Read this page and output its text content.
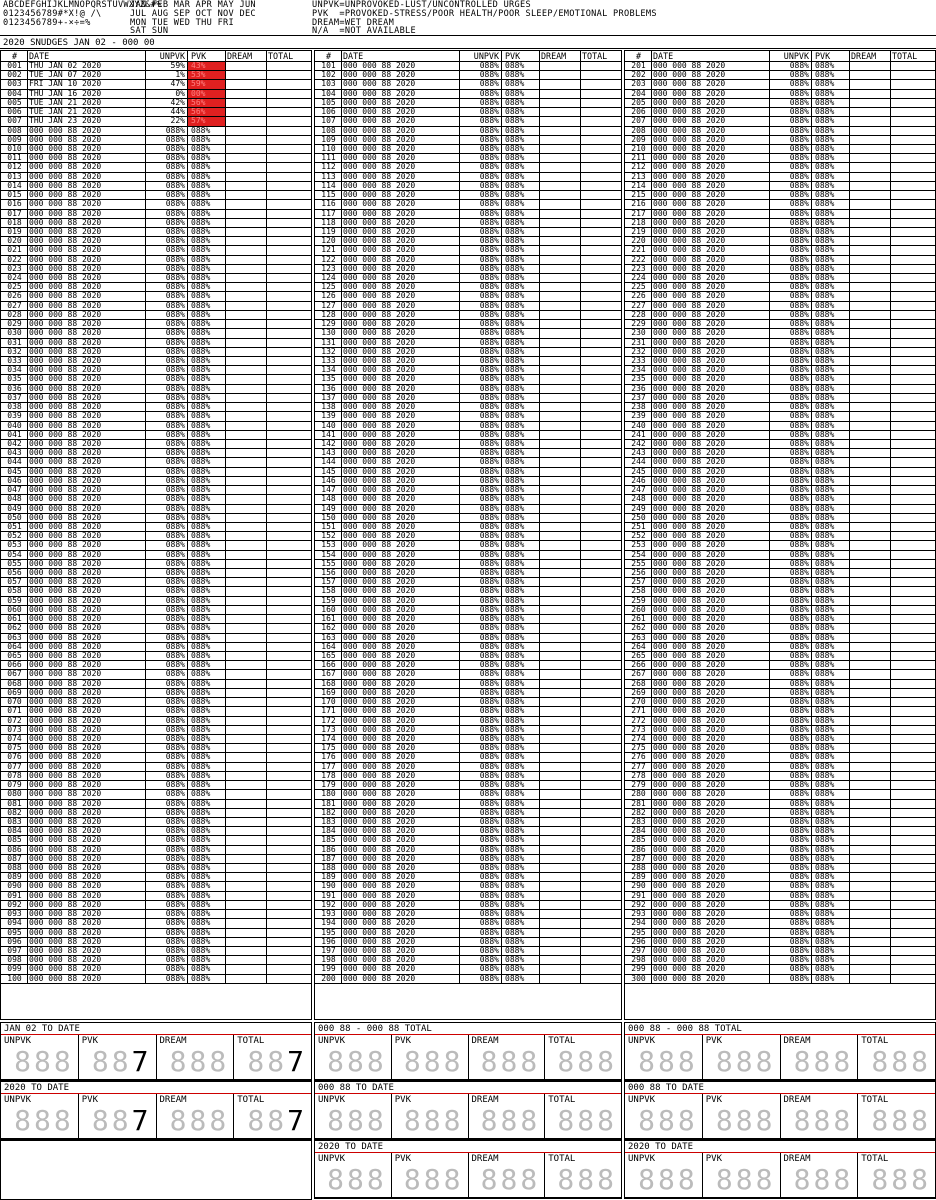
ABCDEFGHIJKLMNOPQRSTUVWXYZ&#%
0123456789#*X!@ /\
0123456789+-×÷=%
JAN FEB MAR APR MAY JUN
JUL AUG SEP OCT NOV DEC
MON TUE WED THU FRI
SAT SUN
UNPVK=UNPROVOKED-LUST/UNCONTROLLED URGES
PVK  =PROVOKED-STRESS/POOR HEALTH/POOR SLEEP/EMOTIONAL PROBLEMS
DREAM=WET DREAM
N/A  =NOT AVAILABLE
2020 SNUDGES JAN 02 - 000 00
#	DATE	UNPVK PVK	DREAM	TOTAL
001 THU JAN 02 2020	59% 43%
002 TUE JAN 07 2020	1% 53%
003 FRI JAN 10 2020	47% 59%
004 THU JAN 16 2020	0% 00%
005 TUE JAN 21 2020	42% 56%
006 TUE JAN 21 2020	44% 56%
007 THU JAN 23 2020	22% 57%
008 000 000 88 2020	088% 088%
009 000 000 88 2020	088% 088%
010 000 000 88 2020	088% 088%
011 000 000 88 2020	088% 088%
012 000 000 88 2020	088% 088%
013 000 000 88 2020	088% 088%
014 000 000 88 2020	088% 088%
015 000 000 88 2020	088% 088%
016 000 000 88 2020	088% 088%
017 000 000 88 2020	088% 088%
018 000 000 88 2020	088% 088%
019 000 000 88 2020	088% 088%
020 000 000 88 2020	088% 088%
021 000 000 88 2020	088% 088%
022 000 000 88 2020	088% 088%
023 000 000 88 2020	088% 088%
024 000 000 88 2020	088% 088%
025 000 000 88 2020	088% 088%
026 000 000 88 2020	088% 088%
027 000 000 88 2020	088% 088%
028 000 000 88 2020	088% 088%
029 000 000 88 2020	088% 088%
030 000 000 88 2020	088% 088%
031 000 000 88 2020	088% 088%
032 000 000 88 2020	088% 088%
033 000 000 88 2020	088% 088%
034 000 000 88 2020	088% 088%
035 000 000 88 2020	088% 088%
036 000 000 88 2020	088% 088%
037 000 000 88 2020	088% 088%
038 000 000 88 2020	088% 088%
039 000 000 88 2020	088% 088%
040 000 000 88 2020	088% 088%
041 000 000 88 2020	088% 088%
042 000 000 88 2020	088% 088%
043 000 000 88 2020	088% 088%
044 000 000 88 2020	088% 088%
045 000 000 88 2020	088% 088%
046 000 000 88 2020	088% 088%
047 000 000 88 2020	088% 088%
048 000 000 88 2020	088% 088%
049 000 000 88 2020	088% 088%
050 000 000 88 2020	088% 088%
051 000 000 88 2020	088% 088%
052 000 000 88 2020	088% 088%
053 000 000 88 2020	088% 088%
054 000 000 88 2020	088% 088%
055 000 000 88 2020	088% 088%
056 000 000 88 2020	088% 088%
057 000 000 88 2020	088% 088%
058 000 000 88 2020	088% 088%
059 000 000 88 2020	088% 088%
060 000 000 88 2020	088% 088%
061 000 000 88 2020	088% 088%
062 000 000 88 2020	088% 088%
063 000 000 88 2020	088% 088%
064 000 000 88 2020	088% 088%
065 000 000 88 2020	088% 088%
066 000 000 88 2020	088% 088%
067 000 000 88 2020	088% 088%
068 000 000 88 2020	088% 088%
069 000 000 88 2020	088% 088%
070 000 000 88 2020	088% 088%
071 000 000 88 2020	088% 088%
072 000 000 88 2020	088% 088%
073 000 000 88 2020	088% 088%
074 000 000 88 2020	088% 088%
075 000 000 88 2020	088% 088%
076 000 000 88 2020	088% 088%
077 000 000 88 2020	088% 088%
078 000 000 88 2020	088% 088%
079 000 000 88 2020	088% 088%
080 000 000 88 2020	088% 088%
081 000 000 88 2020	088% 088%
082 000 000 88 2020	088% 088%
083 000 000 88 2020	088% 088%
084 000 000 88 2020	088% 088%
085 000 000 88 2020	088% 088%
086 000 000 88 2020	088% 088%
087 000 000 88 2020	088% 088%
088 000 000 88 2020	088% 088%
089 000 000 88 2020	088% 088%
090 000 000 88 2020	088% 088%
091 000 000 88 2020	088% 088%
092 000 000 88 2020	088% 088%
093 000 000 88 2020	088% 088%
094 000 000 88 2020	088% 088%
095 000 000 88 2020	088% 088%
096 000 000 88 2020	088% 088%
097 000 000 88 2020	088% 088%
098 000 000 88 2020	088% 088%
099 000 000 88 2020	088% 088%
100 000 000 88 2020	088% 088%
#	DATE	UNPVK PVK	DREAM	TOTAL
101 000 000 88 2020	088% 088%
102 000 000 88 2020	088% 088%
103 000 000 88 2020	088% 088%
104 000 000 88 2020	088% 088%
105 000 000 88 2020	088% 088%
106 000 000 88 2020	088% 088%
107 000 000 88 2020	088% 088%
108 000 000 88 2020	088% 088%
109 000 000 88 2020	088% 088%
110 000 000 88 2020	088% 088%
111 000 000 88 2020	088% 088%
112 000 000 88 2020	088% 088%
113 000 000 88 2020	088% 088%
114 000 000 88 2020	088% 088%
115 000 000 88 2020	088% 088%
116 000 000 88 2020	088% 088%
117 000 000 88 2020	088% 088%
118 000 000 88 2020	088% 088%
119 000 000 88 2020	088% 088%
120 000 000 88 2020	088% 088%
121 000 000 88 2020	088% 088%
122 000 000 88 2020	088% 088%
123 000 000 88 2020	088% 088%
124 000 000 88 2020	088% 088%
125 000 000 88 2020	088% 088%
126 000 000 88 2020	088% 088%
127 000 000 88 2020	088% 088%
128 000 000 88 2020	088% 088%
129 000 000 88 2020	088% 088%
130 000 000 88 2020	088% 088%
131 000 000 88 2020	088% 088%
132 000 000 88 2020	088% 088%
133 000 000 88 2020	088% 088%
134 000 000 88 2020	088% 088%
135 000 000 88 2020	088% 088%
136 000 000 88 2020	088% 088%
137 000 000 88 2020	088% 088%
138 000 000 88 2020	088% 088%
139 000 000 88 2020	088% 088%
140 000 000 88 2020	088% 088%
141 000 000 88 2020	088% 088%
142 000 000 88 2020	088% 088%
143 000 000 88 2020	088% 088%
144 000 000 88 2020	088% 088%
145 000 000 88 2020	088% 088%
146 000 000 88 2020	088% 088%
147 000 000 88 2020	088% 088%
148 000 000 88 2020	088% 088%
149 000 000 88 2020	088% 088%
150 000 000 88 2020	088% 088%
151 000 000 88 2020	088% 088%
152 000 000 88 2020	088% 088%
153 000 000 88 2020	088% 088%
154 000 000 88 2020	088% 088%
155 000 000 88 2020	088% 088%
156 000 000 88 2020	088% 088%
157 000 000 88 2020	088% 088%
158 000 000 88 2020	088% 088%
159 000 000 88 2020	088% 088%
160 000 000 88 2020	088% 088%
161 000 000 88 2020	088% 088%
162 000 000 88 2020	088% 088%
163 000 000 88 2020	088% 088%
164 000 000 88 2020	088% 088%
165 000 000 88 2020	088% 088%
166 000 000 88 2020	088% 088%
167 000 000 88 2020	088% 088%
168 000 000 88 2020	088% 088%
169 000 000 88 2020	088% 088%
170 000 000 88 2020	088% 088%
171 000 000 88 2020	088% 088%
172 000 000 88 2020	088% 088%
173 000 000 88 2020	088% 088%
174 000 000 88 2020	088% 088%
175 000 000 88 2020	088% 088%
176 000 000 88 2020	088% 088%
177 000 000 88 2020	088% 088%
178 000 000 88 2020	088% 088%
179 000 000 88 2020	088% 088%
180 000 000 88 2020	088% 088%
181 000 000 88 2020	088% 088%
182 000 000 88 2020	088% 088%
183 000 000 88 2020	088% 088%
184 000 000 88 2020	088% 088%
185 000 000 88 2020	088% 088%
186 000 000 88 2020	088% 088%
187 000 000 88 2020	088% 088%
188 000 000 88 2020	088% 088%
189 000 000 88 2020	088% 088%
190 000 000 88 2020	088% 088%
191 000 000 88 2020	088% 088%
192 000 000 88 2020	088% 088%
193 000 000 88 2020	088% 088%
194 000 000 88 2020	088% 088%
195 000 000 88 2020	088% 088%
196 000 000 88 2020	088% 088%
197 000 000 88 2020	088% 088%
198 000 000 88 2020	088% 088%
199 000 000 88 2020	088% 088%
200 000 000 88 2020	088% 088%
#	DATE	UNPVK PVK	DREAM	TOTAL
201 000 000 88 2020	088% 088%
202 000 000 88 2020	088% 088%
203 000 000 88 2020	088% 088%
204 000 000 88 2020	088% 088%
205 000 000 88 2020	088% 088%
206 000 000 88 2020	088% 088%
207 000 000 88 2020	088% 088%
208 000 000 88 2020	088% 088%
209 000 000 88 2020	088% 088%
210 000 000 88 2020	088% 088%
211 000 000 88 2020	088% 088%
212 000 000 88 2020	088% 088%
213 000 000 88 2020	088% 088%
214 000 000 88 2020	088% 088%
215 000 000 88 2020	088% 088%
216 000 000 88 2020	088% 088%
217 000 000 88 2020	088% 088%
218 000 000 88 2020	088% 088%
219 000 000 88 2020	088% 088%
220 000 000 88 2020	088% 088%
221 000 000 88 2020	088% 088%
222 000 000 88 2020	088% 088%
223 000 000 88 2020	088% 088%
224 000 000 88 2020	088% 088%
225 000 000 88 2020	088% 088%
226 000 000 88 2020	088% 088%
227 000 000 88 2020	088% 088%
228 000 000 88 2020	088% 088%
229 000 000 88 2020	088% 088%
230 000 000 88 2020	088% 088%
231 000 000 88 2020	088% 088%
232 000 000 88 2020	088% 088%
233 000 000 88 2020	088% 088%
234 000 000 88 2020	088% 088%
235 000 000 88 2020	088% 088%
236 000 000 88 2020	088% 088%
237 000 000 88 2020	088% 088%
238 000 000 88 2020	088% 088%
239 000 000 88 2020	088% 088%
240 000 000 88 2020	088% 088%
241 000 000 88 2020	088% 088%
242 000 000 88 2020	088% 088%
243 000 000 88 2020	088% 088%
244 000 000 88 2020	088% 088%
245 000 000 88 2020	088% 088%
246 000 000 88 2020	088% 088%
247 000 000 88 2020	088% 088%
248 000 000 88 2020	088% 088%
249 000 000 88 2020	088% 088%
250 000 000 88 2020	088% 088%
251 000 000 88 2020	088% 088%
252 000 000 88 2020	088% 088%
253 000 000 88 2020	088% 088%
254 000 000 88 2020	088% 088%
255 000 000 88 2020	088% 088%
256 000 000 88 2020	088% 088%
257 000 000 88 2020	088% 088%
258 000 000 88 2020	088% 088%
259 000 000 88 2020	088% 088%
260 000 000 88 2020	088% 088%
261 000 000 88 2020	088% 088%
262 000 000 88 2020	088% 088%
263 000 000 88 2020	088% 088%
264 000 000 88 2020	088% 088%
265 000 000 88 2020	088% 088%
266 000 000 88 2020	088% 088%
267 000 000 88 2020	088% 088%
268 000 000 88 2020	088% 088%
269 000 000 88 2020	088% 088%
270 000 000 88 2020	088% 088%
271 000 000 88 2020	088% 088%
272 000 000 88 2020	088% 088%
273 000 000 88 2020	088% 088%
274 000 000 88 2020	088% 088%
275 000 000 88 2020	088% 088%
276 000 000 88 2020	088% 088%
277 000 000 88 2020	088% 088%
278 000 000 88 2020	088% 088%
279 000 000 88 2020	088% 088%
280 000 000 88 2020	088% 088%
281 000 000 88 2020	088% 088%
282 000 000 88 2020	088% 088%
283 000 000 88 2020	088% 088%
284 000 000 88 2020	088% 088%
285 000 000 88 2020	088% 088%
286 000 000 88 2020	088% 088%
287 000 000 88 2020	088% 088%
288 000 000 88 2020	088% 088%
289 000 000 88 2020	088% 088%
290 000 000 88 2020	088% 088%
291 000 000 88 2020	088% 088%
292 000 000 88 2020	088% 088%
293 000 000 88 2020	088% 088%
294 000 000 88 2020	088% 088%
295 000 000 88 2020	088% 088%
296 000 000 88 2020	088% 088%
297 000 000 88 2020	088% 088%
298 000 000 88 2020	088% 088%
299 000 000 88 2020	088% 088%
300 000 000 88 2020	088% 088%
JAN 02 TO DATE
UNPVK
888
PVK
887
DREAM
888
TOTAL
887
2020 TO DATE
UNPVK
888
PVK
887
DREAM
888
TOTAL
887
000 88 - 000 88 TOTAL
UNPVK
888
PVK
888
DREAM
888
TOTAL
888
000 88 TO DATE
UNPVK
888
PVK
888
DREAM
888
TOTAL
888
2020 TO DATE
UNPVK
888
PVK
888
DREAM
888
TOTAL
888
000 88 - 000 88 TOTAL
UNPVK
888
PVK
888
DREAM
888
TOTAL
888
000 88 TO DATE
UNPVK
888
PVK
888
DREAM
888
TOTAL
888
2020 TO DATE
UNPVK
888
PVK
888
DREAM
888
TOTAL
888
